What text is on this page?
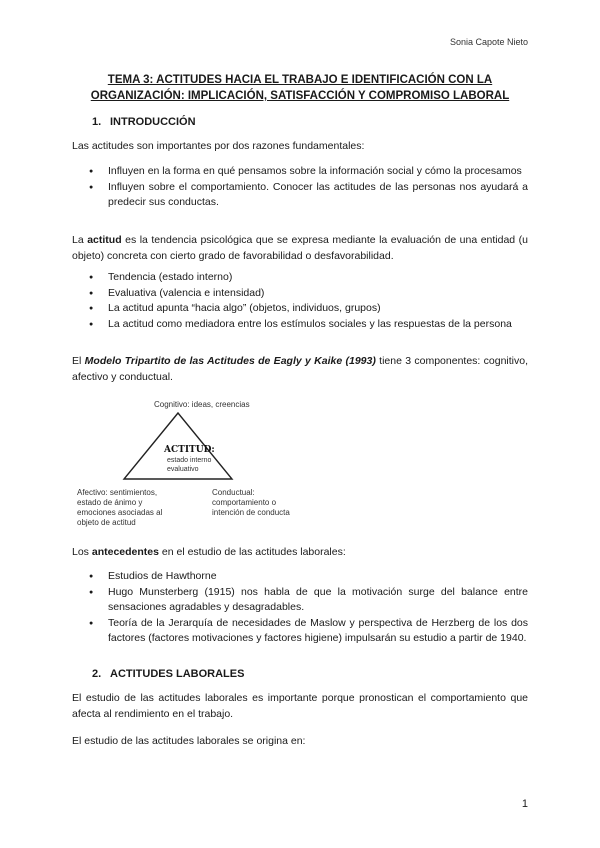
Sonia Capote Nieto
TEMA 3: ACTITUDES HACIA EL TRABAJO E IDENTIFICACIÓN CON LA
ORGANIZACIÓN: IMPLICACIÓN, SATISFACCIÓN Y COMPROMISO LABORAL
1. INTRODUCCIÓN
Las actitudes son importantes por dos razones fundamentales:
● Influyen en la forma en qué pensamos sobre la información social y cómo la procesamos
● Influyen sobre el comportamiento. Conocer las actitudes de las personas nos ayudará a predecir sus conductas.
La actitud es la tendencia psicológica que se expresa mediante la evaluación de una entidad (u objeto) concreta con cierto grado de favorabilidad o desfavorabilidad.
● Tendencia (estado interno)
● Evaluativa (valencia e intensidad)
● La actitud apunta “hacia algo” (objetos, individuos, grupos)
● La actitud como mediadora entre los estímulos sociales y las respuestas de la persona
El Modelo Tripartito de las Actitudes de Eagly y Kaike (1993) tiene 3 componentes: cognitivo, afectivo y conductual.
Cognitivo: ideas, creencias
ACTITUD:
estado interno
evaluativo
Afectivo: sentimientos,
estado de ánimo y
emociones asociadas al
objeto de actitud
Conductual:
comportamiento o
intención de conducta
Los antecedentes en el estudio de las actitudes laborales:
● Estudios de Hawthorne
● Hugo Munsterberg (1915) nos habla de que la motivación surge del balance entre sensaciones agradables y desagradables.
● Teoría de la Jerarquía de necesidades de Maslow y perspectiva de Herzberg de los dos factores (factores motivaciones y factores higiene) impulsarán su estudio a partir de 1940.
2. ACTITUDES LABORALES
El estudio de las actitudes laborales es importante porque pronostican el comportamiento que afecta al rendimiento en el trabajo.
El estudio de las actitudes laborales se origina en:
1
